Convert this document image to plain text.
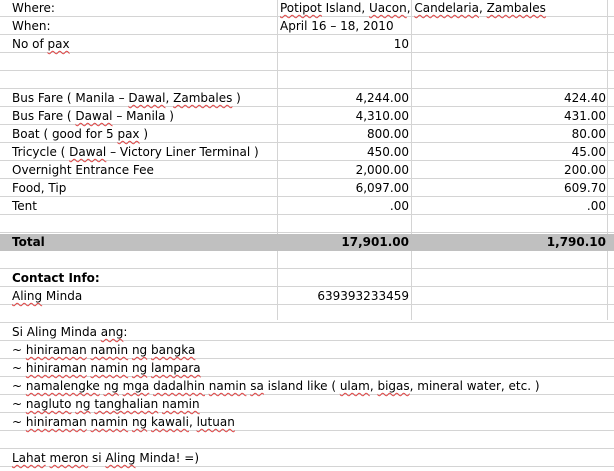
Where:	Potipot Island, Uacon, Candelaria, Zambales
When:	April 16 – 18, 2010
No of pax	10
Bus Fare ( Manila – Dawal, Zambales )	4,244.00	424.40
Bus Fare ( Dawal – Manila )	4,310.00	431.00
Boat ( good for 5 pax )	800.00	80.00
Tricycle ( Dawal – Victory Liner Terminal )	450.00	45.00
Overnight Entrance Fee	2,000.00	200.00
Food, Tip	6,097.00	609.70
Tent	.00	.00
Total	17,901.00	1,790.10
Contact Info:
Aling Minda	639393233459
Si Aling Minda ang:
~ hiniraman namin ng bangka
~ hiniraman namin ng lampara
~ namalengke ng mga dadalhin namin sa island like ( ulam, bigas, mineral water, etc. )
~ nagluto ng tanghalian namin
~ hiniraman namin ng kawali, lutuan
Lahat meron si Aling Minda! =)
